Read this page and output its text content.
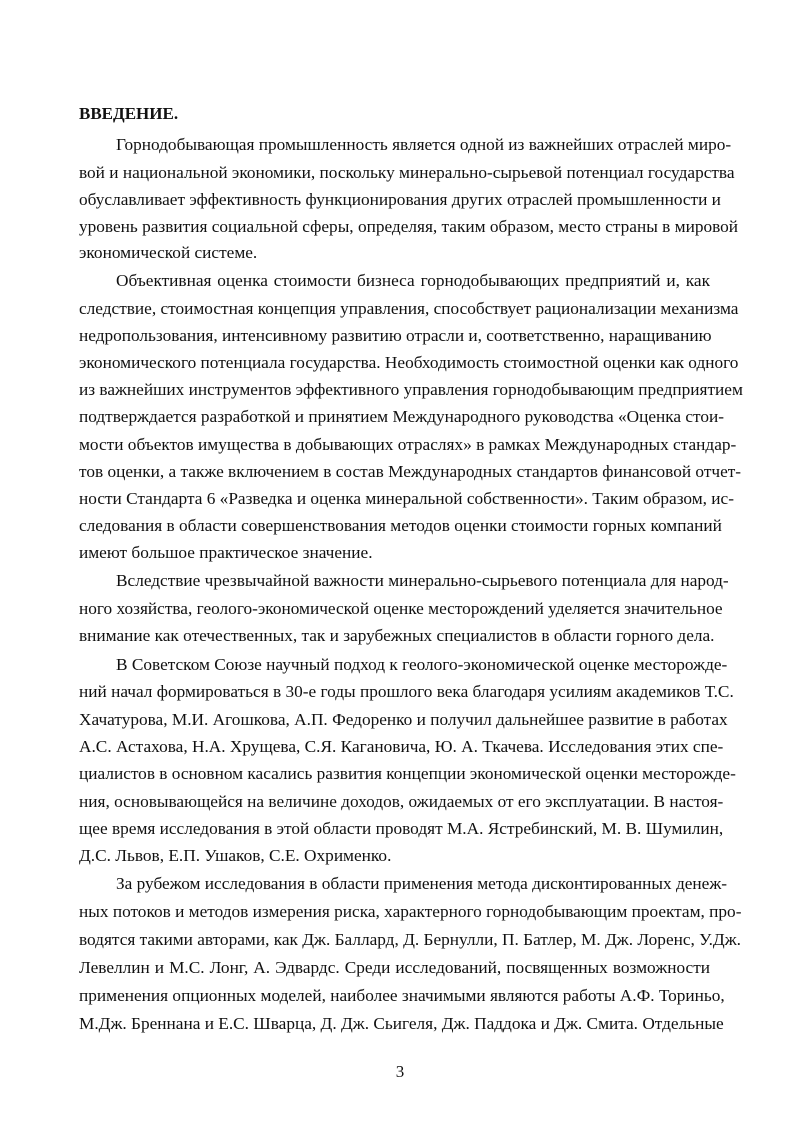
ВВЕДЕНИЕ.
Горнодобывающая промышленность является одной из важнейших отраслей миро-
вой и национальной экономики, поскольку минерально-сырьевой потенциал государства
обуславливает эффективность функционирования других отраслей промышленности и
уровень развития социальной сферы, определяя, таким образом, место страны в мировой
экономической системе.
Объективная оценка стоимости бизнеса горнодобывающих предприятий и, как
следствие, стоимостная концепция управления, способствует рационализации механизма
недропользования, интенсивному развитию отрасли и, соответственно, наращиванию
экономического потенциала государства. Необходимость стоимостной оценки как одного
из важнейших инструментов эффективного управления горнодобывающим предприятием
подтверждается разработкой и принятием Международного руководства «Оценка стои-
мости объектов имущества в добывающих отраслях» в рамках Международных стандар-
тов оценки, а также включением в состав Международных стандартов финансовой отчет-
ности Стандарта 6 «Разведка и оценка минеральной собственности». Таким образом, ис-
следования в области совершенствования методов оценки стоимости горных компаний
имеют большое практическое значение.
Вследствие чрезвычайной важности минерально-сырьевого потенциала для народ-
ного хозяйства, геолого-экономической оценке месторождений уделяется значительное
внимание как отечественных, так и зарубежных специалистов в области горного дела.
В Советском Союзе научный подход к геолого-экономической оценке месторожде-
ний начал формироваться в 30-е годы прошлого века благодаря усилиям академиков Т.С.
Хачатурова, М.И. Агошкова, А.П. Федоренко и получил дальнейшее развитие в работах
А.С. Астахова, Н.А. Хрущева, С.Я. Кагановича, Ю. А. Ткачева. Исследования этих спе-
циалистов в основном касались развития концепции экономической оценки месторожде-
ния, основывающейся на величине доходов, ожидаемых от его эксплуатации. В настоя-
щее время исследования в этой области проводят М.А. Ястребинский, М. В. Шумилин,
Д.С. Львов, Е.П. Ушаков, С.Е. Охрименко.
За рубежом исследования в области применения метода дисконтированных денеж-
ных потоков и методов измерения риска, характерного горнодобывающим проектам, про-
водятся такими авторами, как Дж. Баллард, Д. Бернулли, П. Батлер, М. Дж. Лоренс, У.Дж.
Левеллин и М.С. Лонг, А. Эдвардс. Среди исследований, посвященных возможности
применения опционных моделей, наиболее значимыми являются работы А.Ф. Ториньо,
М.Дж. Бреннана и Е.С. Шварца, Д. Дж. Сьигеля, Дж. Паддока и Дж. Смита. Отдельные
3
